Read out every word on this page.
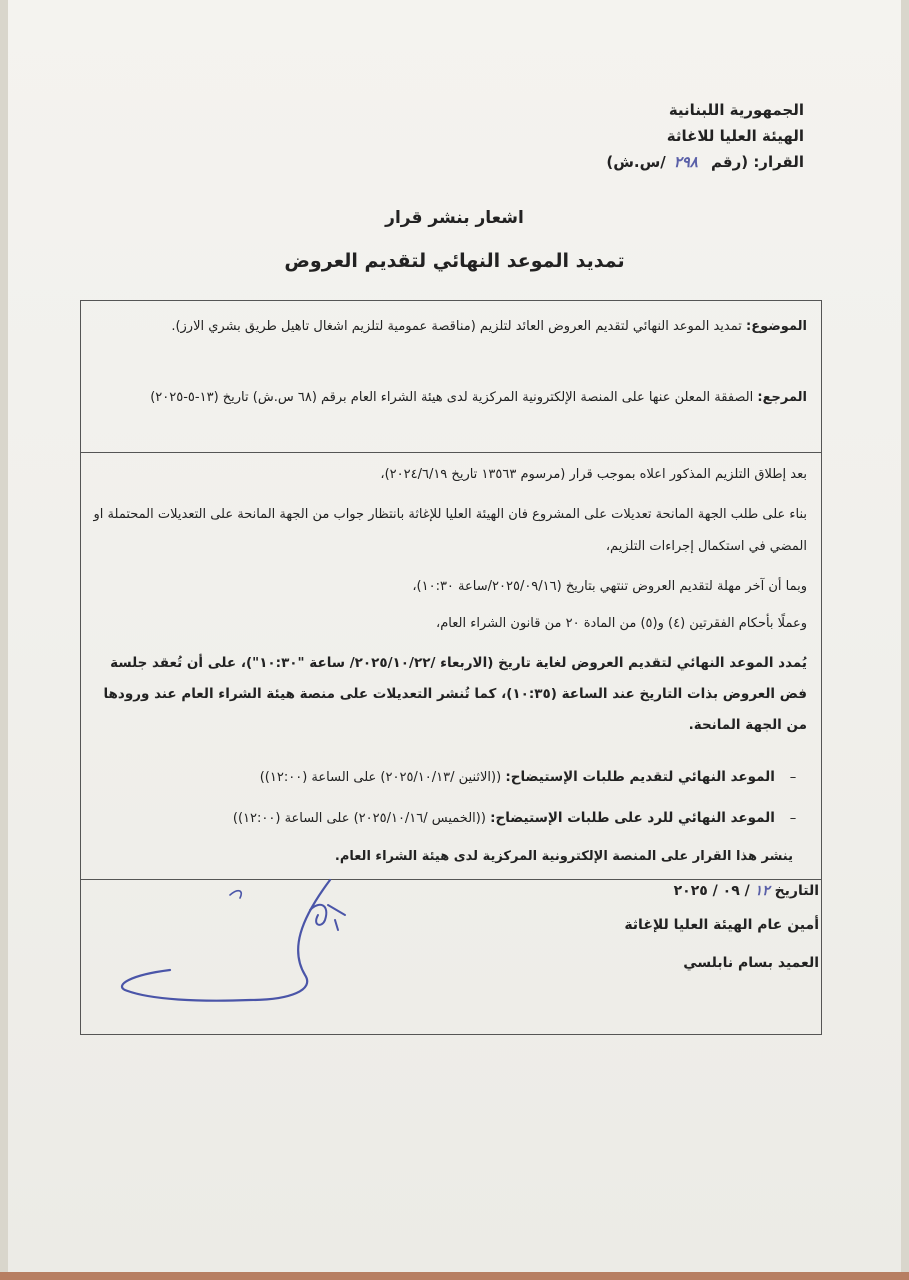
الجمهورية اللبنانية
الهيئة العليا للاغاثة
القرار: (رقم ٢٩٨/س.ش)
اشعار بنشر قرار
تمديد الموعد النهائي لتقديم العروض
الموضوع: تمديد الموعد النهائي لتقديم العروض العائد لتلزيم (مناقصة عمومية لتلزيم اشغال تاهيل طريق بشري الارز).
المرجع: الصفقة المعلن عنها على المنصة الإلكترونية المركزية لدى هيئة الشراء العام برقم (٦٨ س.ش) تاريخ (١٣-٥-٢٠٢٥)
بعد إطلاق التلزيم المذكور اعلاه بموجب قرار (مرسوم ١٣٥٦٣ تاريخ ٢٠٢٤/٦/١٩)،
بناء على طلب الجهة المانحة تعديلات على المشروع فان الهيئة العليا للإغاثة بانتظار جواب من الجهة المانحة على التعديلات المحتملة او المضي في استكمال إجراءات التلزيم،
وبما أن آخر مهلة لتقديم العروض تنتهي بتاريخ (٢٠٢٥/٠٩/١٦/ساعة ١٠:٣٠)،
وعملًا بأحكام الفقرتين (٤) و(٥) من المادة ٢٠ من قانون الشراء العام،
يُمدد الموعد النهائي لتقديم العروض لغاية تاريخ (الاربعاء /٢٠٢٥/١٠/٢٢/ ساعة "١٠:٣٠")، على أن تُعقد جلسة فض العروض بذات التاريخ عند الساعة (١٠:٣٥)، كما تُنشر التعديلات على منصة هيئة الشراء العام عند ورودها من الجهة المانحة.
– الموعد النهائي لتقديم طلبات الإستيضاح: ((الاثنين /٢٠٢٥/١٠/١٣) على الساعة (١٢:٠٠))
– الموعد النهائي للرد على طلبات الإستيضاح: ((الخميس /٢٠٢٥/١٠/١٦) على الساعة (١٢:٠٠))
ينشر هذا القرار على المنصة الإلكترونية المركزية لدى هيئة الشراء العام.
التاريخ ١٢ / ٠٩ / ٢٠٢٥
أمين عام الهيئة العليا للإغاثة
العميد بسام نابلسي
